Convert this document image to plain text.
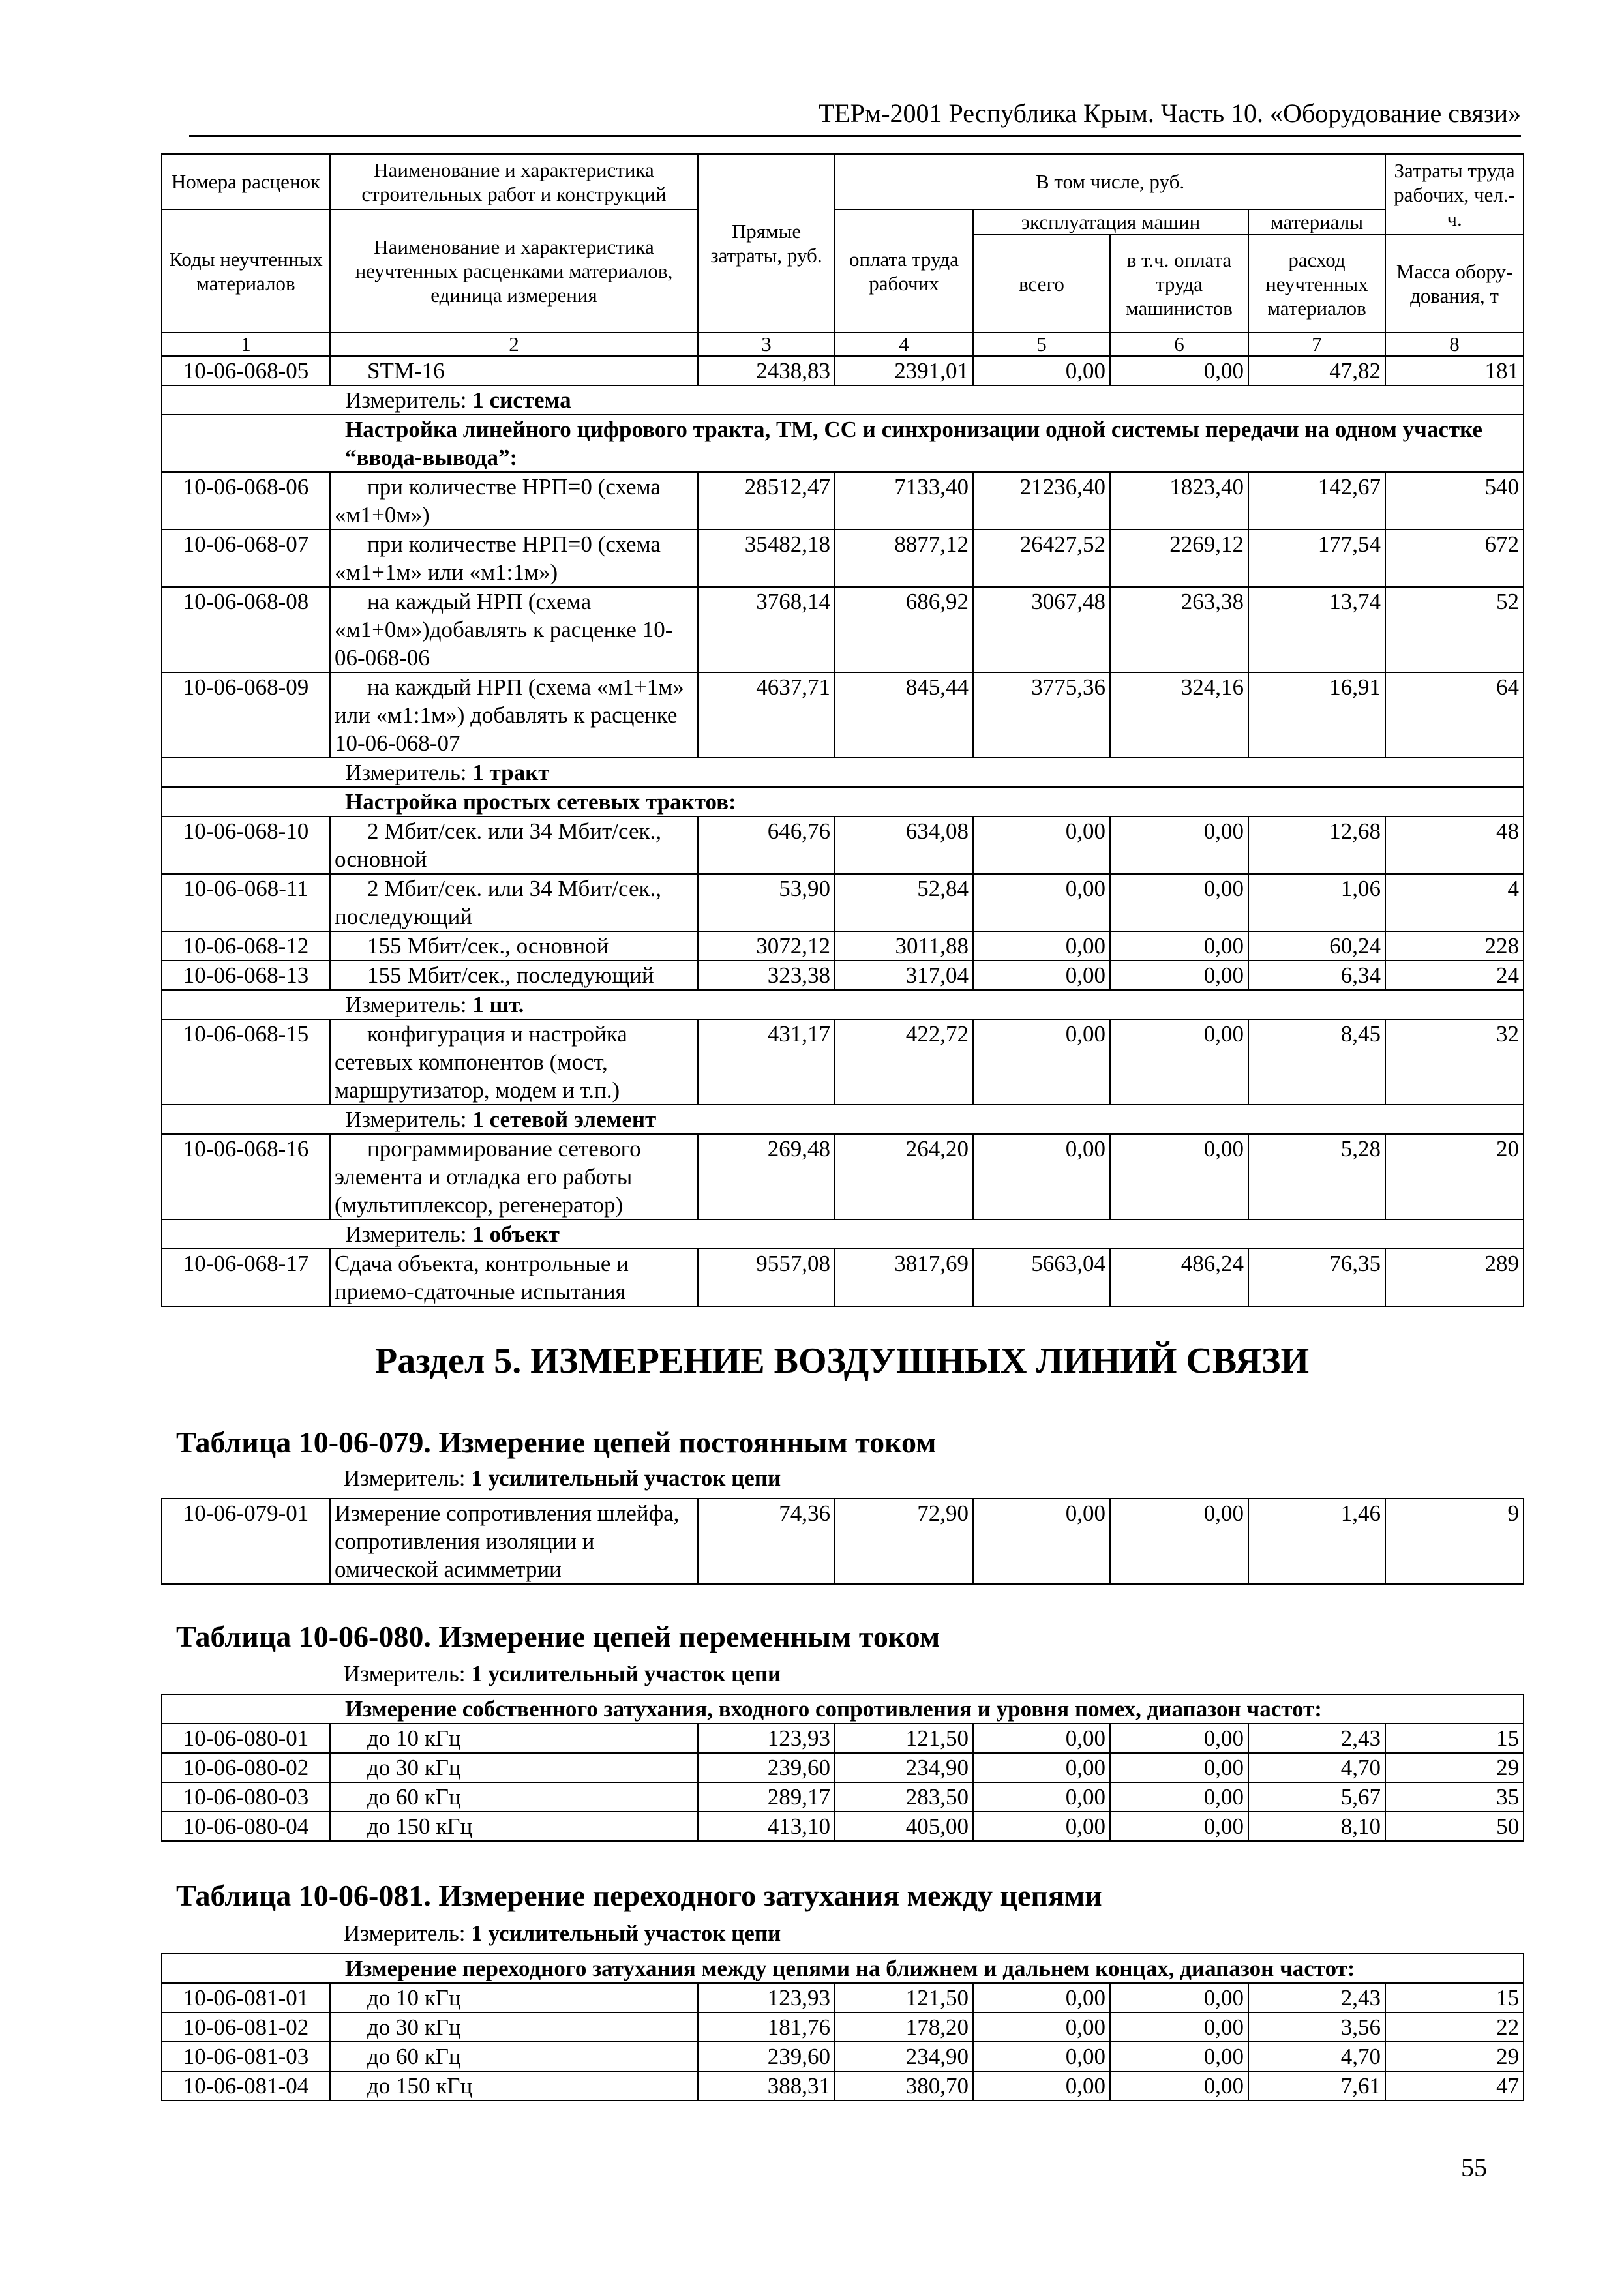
ТЕРм-2001 Республика Крым. Часть 10. «Оборудование связи»
Номера расценок	Наименование и характеристика строительных работ и конструкций	Прямые затраты, руб.	В том числе, руб.				Затраты труда рабочих, чел.-ч.
Коды неучтенных материалов	Наименование и характеристика неучтенных расценками материалов, единица измерения		оплата труда рабочих	эксплуатация машин		материалы	
				всего	в т.ч. оплата труда машинистов	расход неучтенных материалов	Масса обору-дования, т
1	2	3	4	5	6	7	8
10-06-068-05	STM-16	2438,83	2391,01	0,00	0,00	47,82	181
Измеритель: 1 система							
Настройка линейного цифрового тракта, ТМ, СС и синхронизации одной системы передачи на одном участке “ввода-вывода”:							
10-06-068-06	при количестве НРП=0 (схема «м1+0м»)	28512,47	7133,40	21236,40	1823,40	142,67	540
10-06-068-07	при количестве НРП=0 (схема «м1+1м» или «м1:1м»)	35482,18	8877,12	26427,52	2269,12	177,54	672
10-06-068-08	на каждый НРП (схема «м1+0м»)добавлять к расценке 10-06-068-06	3768,14	686,92	3067,48	263,38	13,74	52
10-06-068-09	на каждый НРП (схема «м1+1м» или «м1:1м») добавлять к расценке 10-06-068-07	4637,71	845,44	3775,36	324,16	16,91	64
Измеритель: 1 тракт							
Настройка простых сетевых трактов:							
10-06-068-10	2 Мбит/сек. или 34 Мбит/сек., основной	646,76	634,08	0,00	0,00	12,68	48
10-06-068-11	2 Мбит/сек. или 34 Мбит/сек., последующий	53,90	52,84	0,00	0,00	1,06	4
10-06-068-12	155 Мбит/сек., основной	3072,12	3011,88	0,00	0,00	60,24	228
10-06-068-13	155 Мбит/сек., последующий	323,38	317,04	0,00	0,00	6,34	24
Измеритель: 1 шт.							
10-06-068-15	конфигурация и настройка сетевых компонентов (мост, маршрутизатор, модем и т.п.)	431,17	422,72	0,00	0,00	8,45	32
Измеритель: 1 сетевой элемент							
10-06-068-16	программирование сетевого элемента и отладка его работы (мультиплексор, регенератор)	269,48	264,20	0,00	0,00	5,28	20
Измеритель: 1 объект							
10-06-068-17	Сдача объекта, контрольные и приемо-сдаточные испытания	9557,08	3817,69	5663,04	486,24	76,35	289
Раздел 5. ИЗМЕРЕНИЕ ВОЗДУШНЫХ ЛИНИЙ СВЯЗИ
Таблица 10-06-079. Измерение цепей постоянным током
Измеритель: 1 усилительный участок цепи
10-06-079-01	Измерение сопротивления шлейфа, сопротивления изоляции и омической асимметрии	74,36	72,90	0,00	0,00	1,46	9
Таблица 10-06-080. Измерение цепей переменным током
Измеритель: 1 усилительный участок цепи
Измерение собственного затухания, входного сопротивления и уровня помех, диапазон частот:							
10-06-080-01	до 10 кГц	123,93	121,50	0,00	0,00	2,43	15
10-06-080-02	до 30 кГц	239,60	234,90	0,00	0,00	4,70	29
10-06-080-03	до 60 кГц	289,17	283,50	0,00	0,00	5,67	35
10-06-080-04	до 150 кГц	413,10	405,00	0,00	0,00	8,10	50
Таблица 10-06-081. Измерение переходного затухания между цепями
Измеритель: 1 усилительный участок цепи
Измерение переходного затухания между цепями на ближнем и дальнем концах, диапазон частот:							
10-06-081-01	до 10 кГц	123,93	121,50	0,00	0,00	2,43	15
10-06-081-02	до 30 кГц	181,76	178,20	0,00	0,00	3,56	22
10-06-081-03	до 60 кГц	239,60	234,90	0,00	0,00	4,70	29
10-06-081-04	до 150 кГц	388,31	380,70	0,00	0,00	7,61	47
55
